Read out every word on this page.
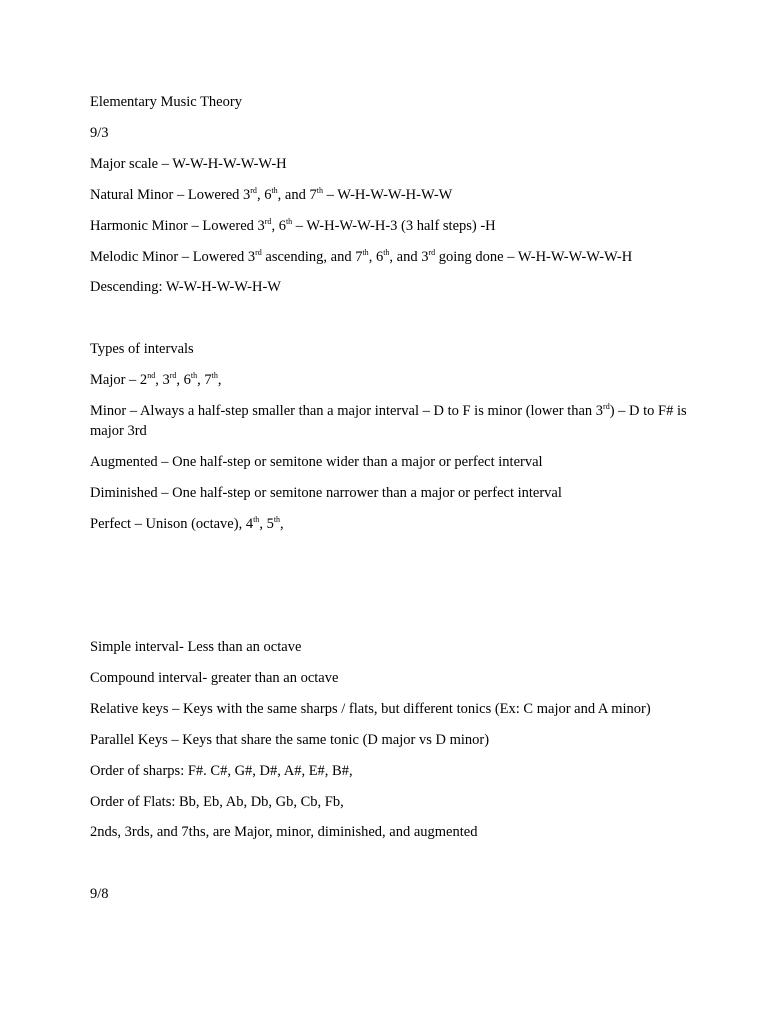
Elementary Music Theory
9/3
Major scale – W-W-H-W-W-W-H
Natural Minor – Lowered 3rd, 6th, and 7th – W-H-W-W-H-W-W
Harmonic Minor – Lowered 3rd, 6th – W-H-W-W-H-3 (3 half steps) -H
Melodic Minor – Lowered 3rd ascending, and 7th, 6th, and 3rd going done – W-H-W-W-W-W-H
Descending: W-W-H-W-W-H-W
Types of intervals
Major – 2nd, 3rd, 6th, 7th,
Minor – Always a half-step smaller than a major interval – D to F is minor (lower than 3rd) – D to F# is major 3rd
Augmented – One half-step or semitone wider than a major or perfect interval
Diminished – One half-step or semitone narrower than a major or perfect interval
Perfect – Unison (octave), 4th, 5th,
Simple interval- Less than an octave
Compound interval- greater than an octave
Relative keys – Keys with the same sharps / flats, but different tonics (Ex: C major and A minor)
Parallel Keys – Keys that share the same tonic (D major vs D minor)
Order of sharps: F#. C#, G#, D#, A#, E#, B#,
Order of Flats: Bb, Eb, Ab, Db, Gb, Cb, Fb,
2nds, 3rds, and 7ths, are Major, minor, diminished, and augmented
9/8
